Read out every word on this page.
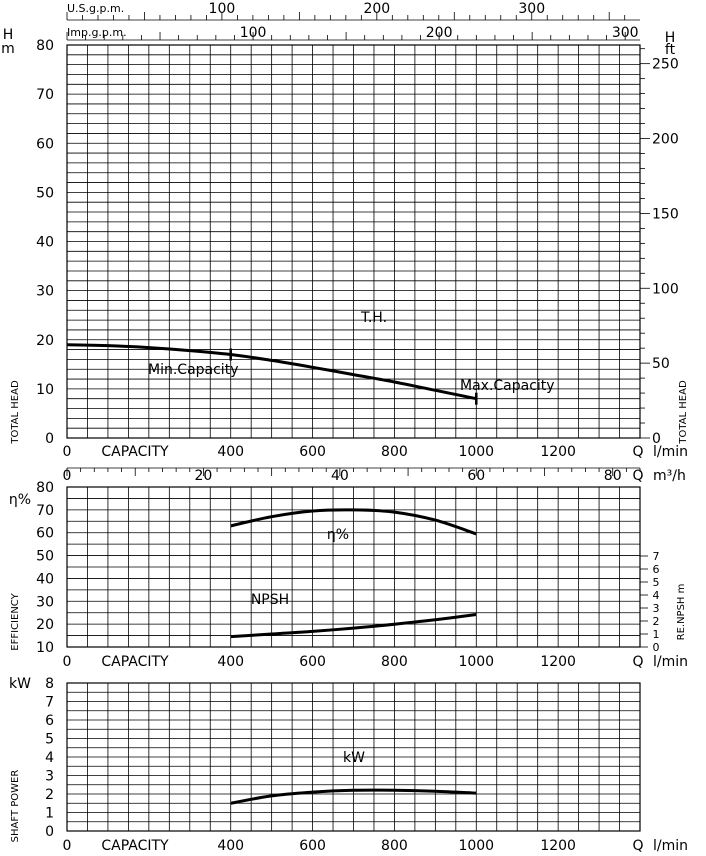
U.S.g.p.m.
Imp.g.p.m.
100	200	300
100	200	300
0
10
20
30
40
50
60
70
80
H
m
H
ft
0
50
100
150
200
250
TOTAL HEAD	TOTAL HEAD
0	400	600	800	1000	1200
CAPACITY	Q l/min
0	20	40	60	80 Q m³/h
10
20
30
40
50
60
70
80
η%
EFFICIENCY	0
1
2
3
4
5
6
7
RE.NPSH m
0	400	600	800	1000	1200
CAPACITY	Q l/min
0
1
2
3
4
5
6
7
8
kW
SHAFT POWER
0	400	600	800	1000	1200
CAPACITY	Q l/min
T.H.
Min.Capacity
Max.Capacity
η%
NPSH
kW
